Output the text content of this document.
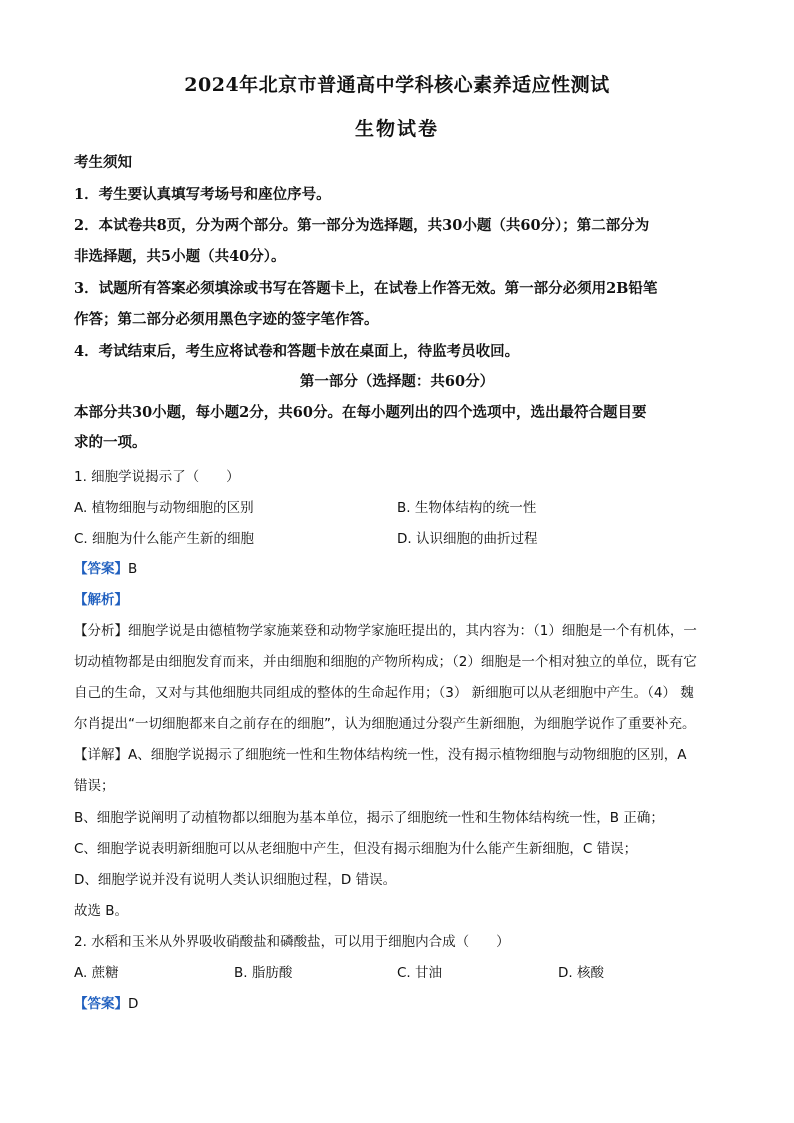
2024年北京市普通高中学科核心素养适应性测试
生物试卷
考生须知
1．考生要认真填写考场号和座位序号。
2．本试卷共8页，分为两个部分。第一部分为选择题，共30小题（共60分）；第二部分为
非选择题，共5小题（共40分）。
3．试题所有答案必须填涂或书写在答题卡上，在试卷上作答无效。第一部分必须用2B铅笔
作答；第二部分必须用黑色字迹的签字笔作答。
4．考试结束后，考生应将试卷和答题卡放在桌面上，待监考员收回。
第一部分（选择题：共60分）
本部分共30小题，每小题2分，共60分。在每小题列出的四个选项中，选出最符合题目要
求的一项。
1. 细胞学说揭示了（　　）
A. 植物细胞与动物细胞的区别	B. 生物体结构的统一性
C. 细胞为什么能产生新的细胞	D. 认识细胞的曲折过程
【答案】B
【解析】
【分析】细胞学说是由德植物学家施莱登和动物学家施旺提出的，其内容为：（1）细胞是一个有机体，一
切动植物都是由细胞发育而来，并由细胞和细胞的产物所构成；（2）细胞是一个相对独立的单位，既有它
自己的生命，又对与其他细胞共同组成的整体的生命起作用；（3） 新细胞可以从老细胞中产生。（4） 魏
尔肖提出“一切细胞都来自之前存在的细胞”，认为细胞通过分裂产生新细胞，为细胞学说作了重要补充。
【详解】A、细胞学说揭示了细胞统一性和生物体结构统一性，没有揭示植物细胞与动物细胞的区别，A
错误；
B、细胞学说阐明了动植物都以细胞为基本单位，揭示了细胞统一性和生物体结构统一性，B 正确；
C、细胞学说表明新细胞可以从老细胞中产生，但没有揭示细胞为什么能产生新细胞，C 错误；
D、细胞学说并没有说明人类认识细胞过程，D 错误。
故选 B。
2. 水稻和玉米从外界吸收硝酸盐和磷酸盐，可以用于细胞内合成（　　）
A. 蔗糖	B. 脂肪酸	C. 甘油	D. 核酸
【答案】D
